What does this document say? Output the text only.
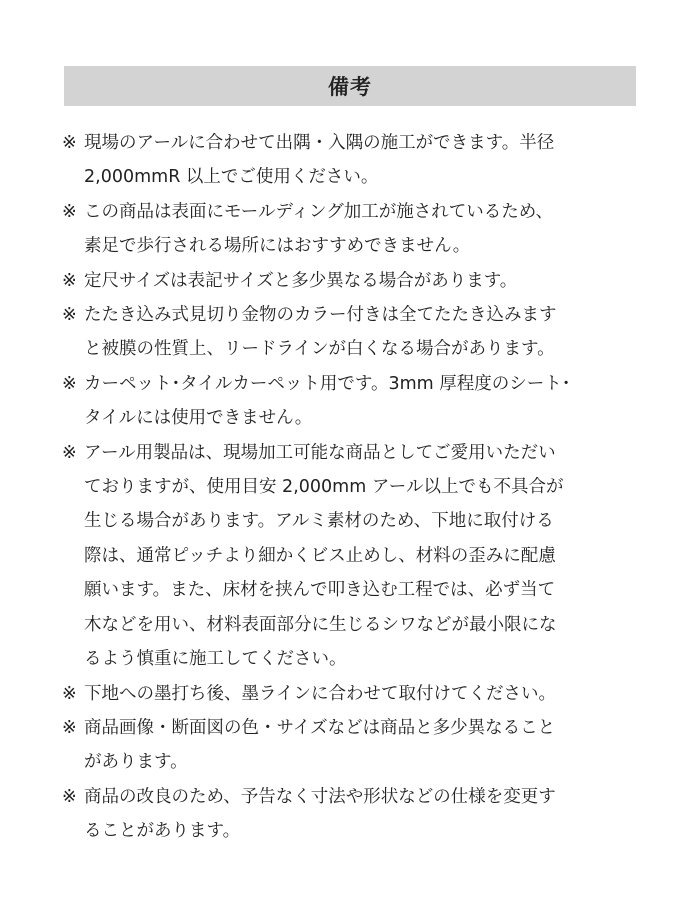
備考
※ 現場のアールに合わせて出隅・入隅の施工ができます。半径
2,000mmR 以上でご使用ください。
※ この商品は表面にモールディング加工が施されているため、
素足で歩行される場所にはおすすめできません。
※ 定尺サイズは表記サイズと多少異なる場合があります。
※ たたき込み式見切り金物のカラー付きは全てたたき込みます
と被膜の性質上、リードラインが白くなる場合があります。
※ カーペット･タイルカーペット用です。3mm 厚程度のシート･
タイルには使用できません。
※ アール用製品は、現場加工可能な商品としてご愛用いただい
ておりますが、使用目安 2,000mm アール以上でも不具合が
生じる場合があります。アルミ素材のため、下地に取付ける
際は、通常ピッチより細かくビス止めし、材料の歪みに配慮
願います。また、床材を挟んで叩き込む工程では、必ず当て
木などを用い、材料表面部分に生じるシワなどが最小限にな
るよう慎重に施工してください。
※ 下地への墨打ち後、墨ラインに合わせて取付けてください。
※ 商品画像・断面図の色・サイズなどは商品と多少異なること
があります。
※ 商品の改良のため、予告なく寸法や形状などの仕様を変更す
ることがあります。
